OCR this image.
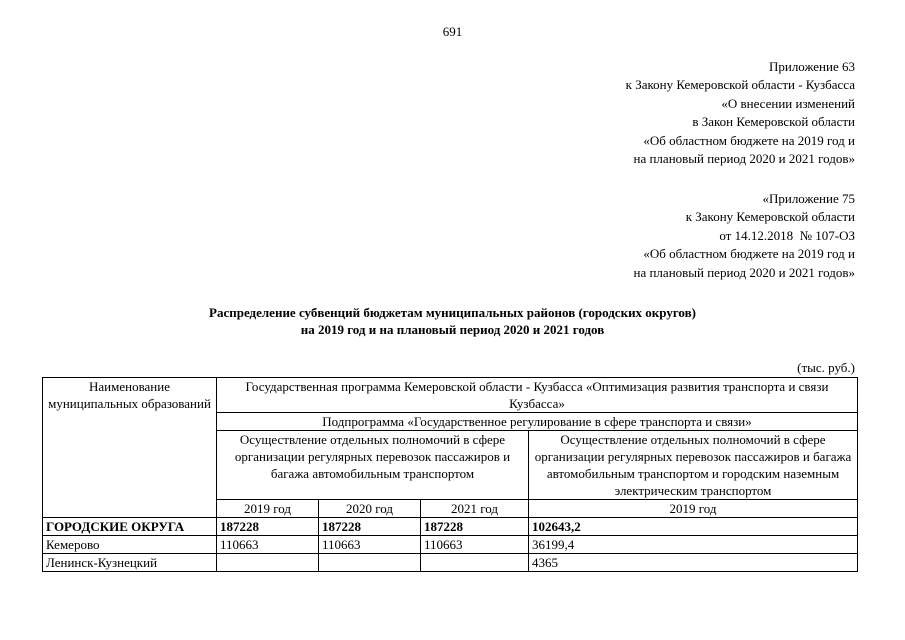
691
Приложение 63
к Закону Кемеровской области - Кузбасса
«О внесении изменений
в Закон Кемеровской области
«Об областном бюджете на 2019 год и
на плановый период 2020 и 2021 годов»
«Приложение 75
к Закону Кемеровской области
от 14.12.2018  № 107-ОЗ
«Об областном бюджете на 2019 год и
на плановый период 2020 и 2021 годов»
Распределение субвенций бюджетам муниципальных районов (городских округов)
на 2019 год и на плановый период 2020 и 2021 годов
(тыс. руб.)
Наименование муниципальных образований	Государственная программа Кемеровской области - Кузбасса «Оптимизация развития транспорта и связи Кузбасса»			
	Подпрограмма «Государственное регулирование в сфере транспорта и связи»			
	Осуществление отдельных полномочий в сфере организации регулярных перевозок пассажиров и багажа автомобильным транспортом			Осуществление отдельных полномочий в сфере организации регулярных перевозок пассажиров и багажа автомобильным транспортом и городским наземным электрическим транспортом
	2019 год	2020 год	2021 год	2019 год
ГОРОДСКИЕ ОКРУГА	187228	187228	187228	102643,2
Кемерово	110663	110663	110663	36199,4
Ленинск-Кузнецкий				4365
